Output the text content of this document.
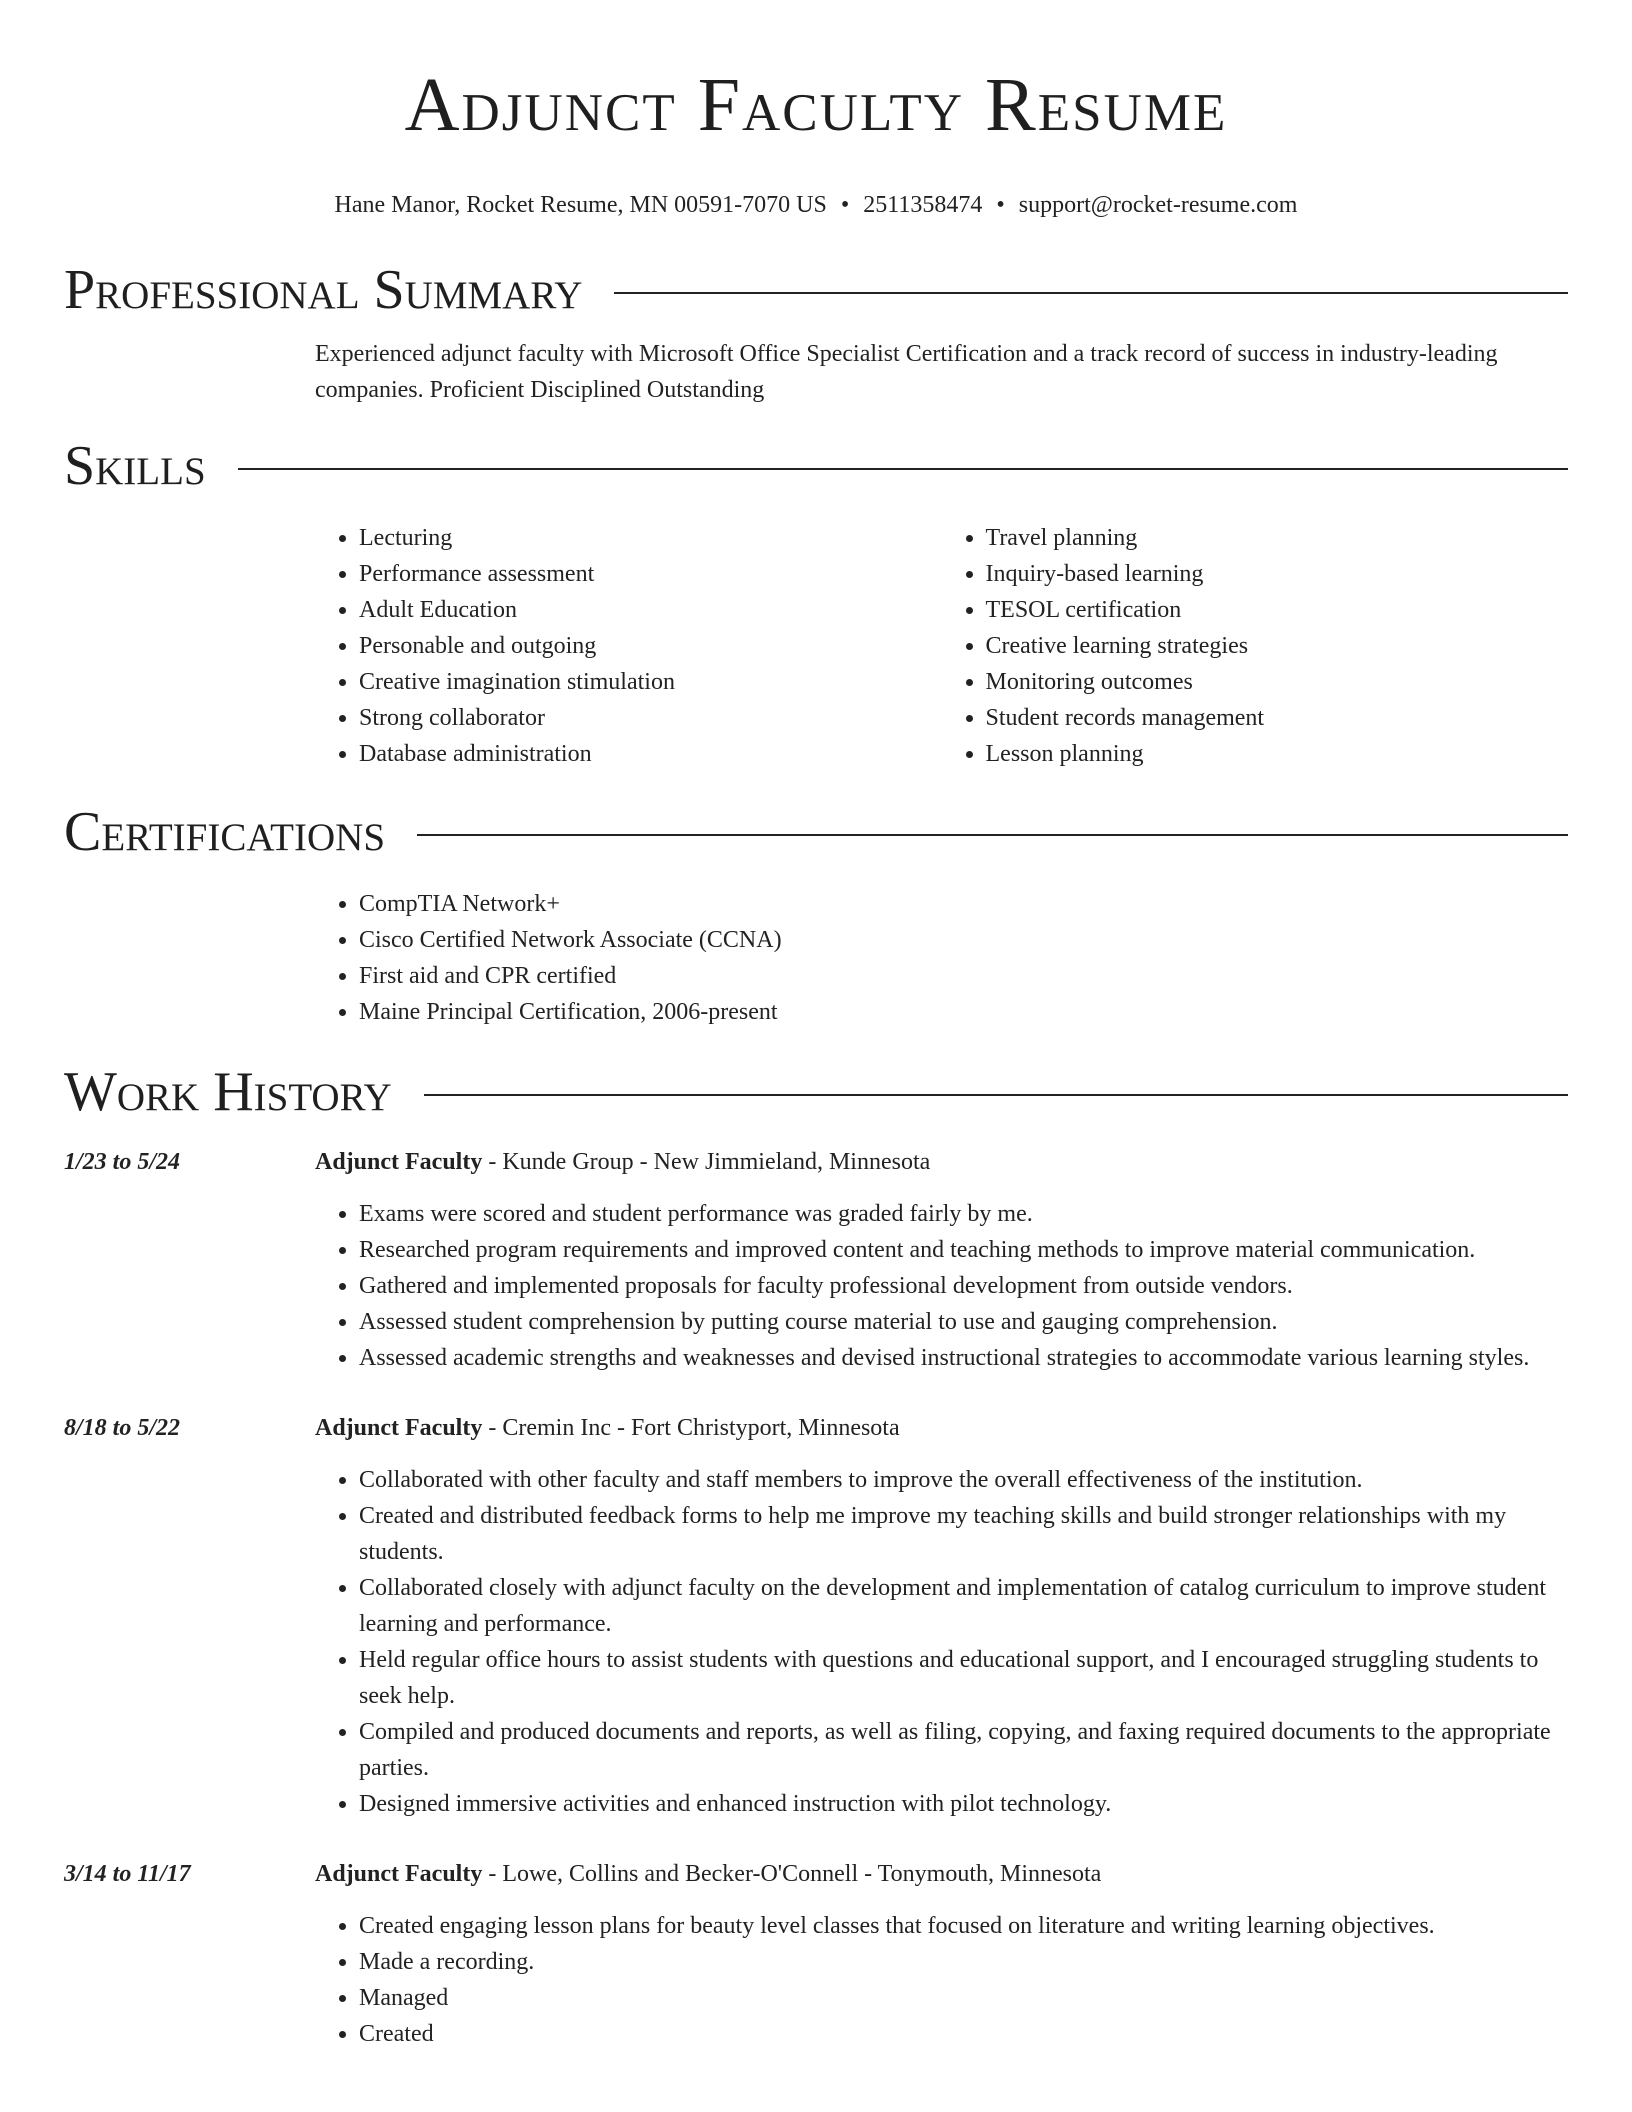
Adjunct Faculty Resume
Hane Manor, Rocket Resume, MN 00591-7070 US • 2511358474 • support@rocket-resume.com
Professional Summary

Experienced adjunct faculty with Microsoft Office Specialist Certification and a track record of success in industry-leading companies. Proficient Disciplined Outstanding

Skills
• Lecturing
• Performance assessment
• Adult Education
• Personable and outgoing
• Creative imagination stimulation
• Strong collaborator
• Database administration
• Travel planning
• Inquiry-based learning
• TESOL certification
• Creative learning strategies
• Monitoring outcomes
• Student records management
• Lesson planning
Certifications
• CompTIA Network+
• Cisco Certified Network Associate (CCNA)
• First aid and CPR certified
• Maine Principal Certification, 2006-present
Work History
1/23 to 5/24	Adjunct Faculty - Kunde Group - New Jimmieland, Minnesota
• Exams were scored and student performance was graded fairly by me.
• Researched program requirements and improved content and teaching methods to improve material communication.
• Gathered and implemented proposals for faculty professional development from outside vendors.
• Assessed student comprehension by putting course material to use and gauging comprehension.
• Assessed academic strengths and weaknesses and devised instructional strategies to accommodate various learning styles.
8/18 to 5/22	Adjunct Faculty - Cremin Inc - Fort Christyport, Minnesota
• Collaborated with other faculty and staff members to improve the overall effectiveness of the institution.
• Created and distributed feedback forms to help me improve my teaching skills and build stronger relationships with my students.
• Collaborated closely with adjunct faculty on the development and implementation of catalog curriculum to improve student learning and performance.
• Held regular office hours to assist students with questions and educational support, and I encouraged struggling students to seek help.
• Compiled and produced documents and reports, as well as filing, copying, and faxing required documents to the appropriate parties.
• Designed immersive activities and enhanced instruction with pilot technology.
3/14 to 11/17	Adjunct Faculty - Lowe, Collins and Becker-O'Connell - Tonymouth, Minnesota
• Created engaging lesson plans for beauty level classes that focused on literature and writing learning objectives.
• Made a recording.
• Managed
• Created
